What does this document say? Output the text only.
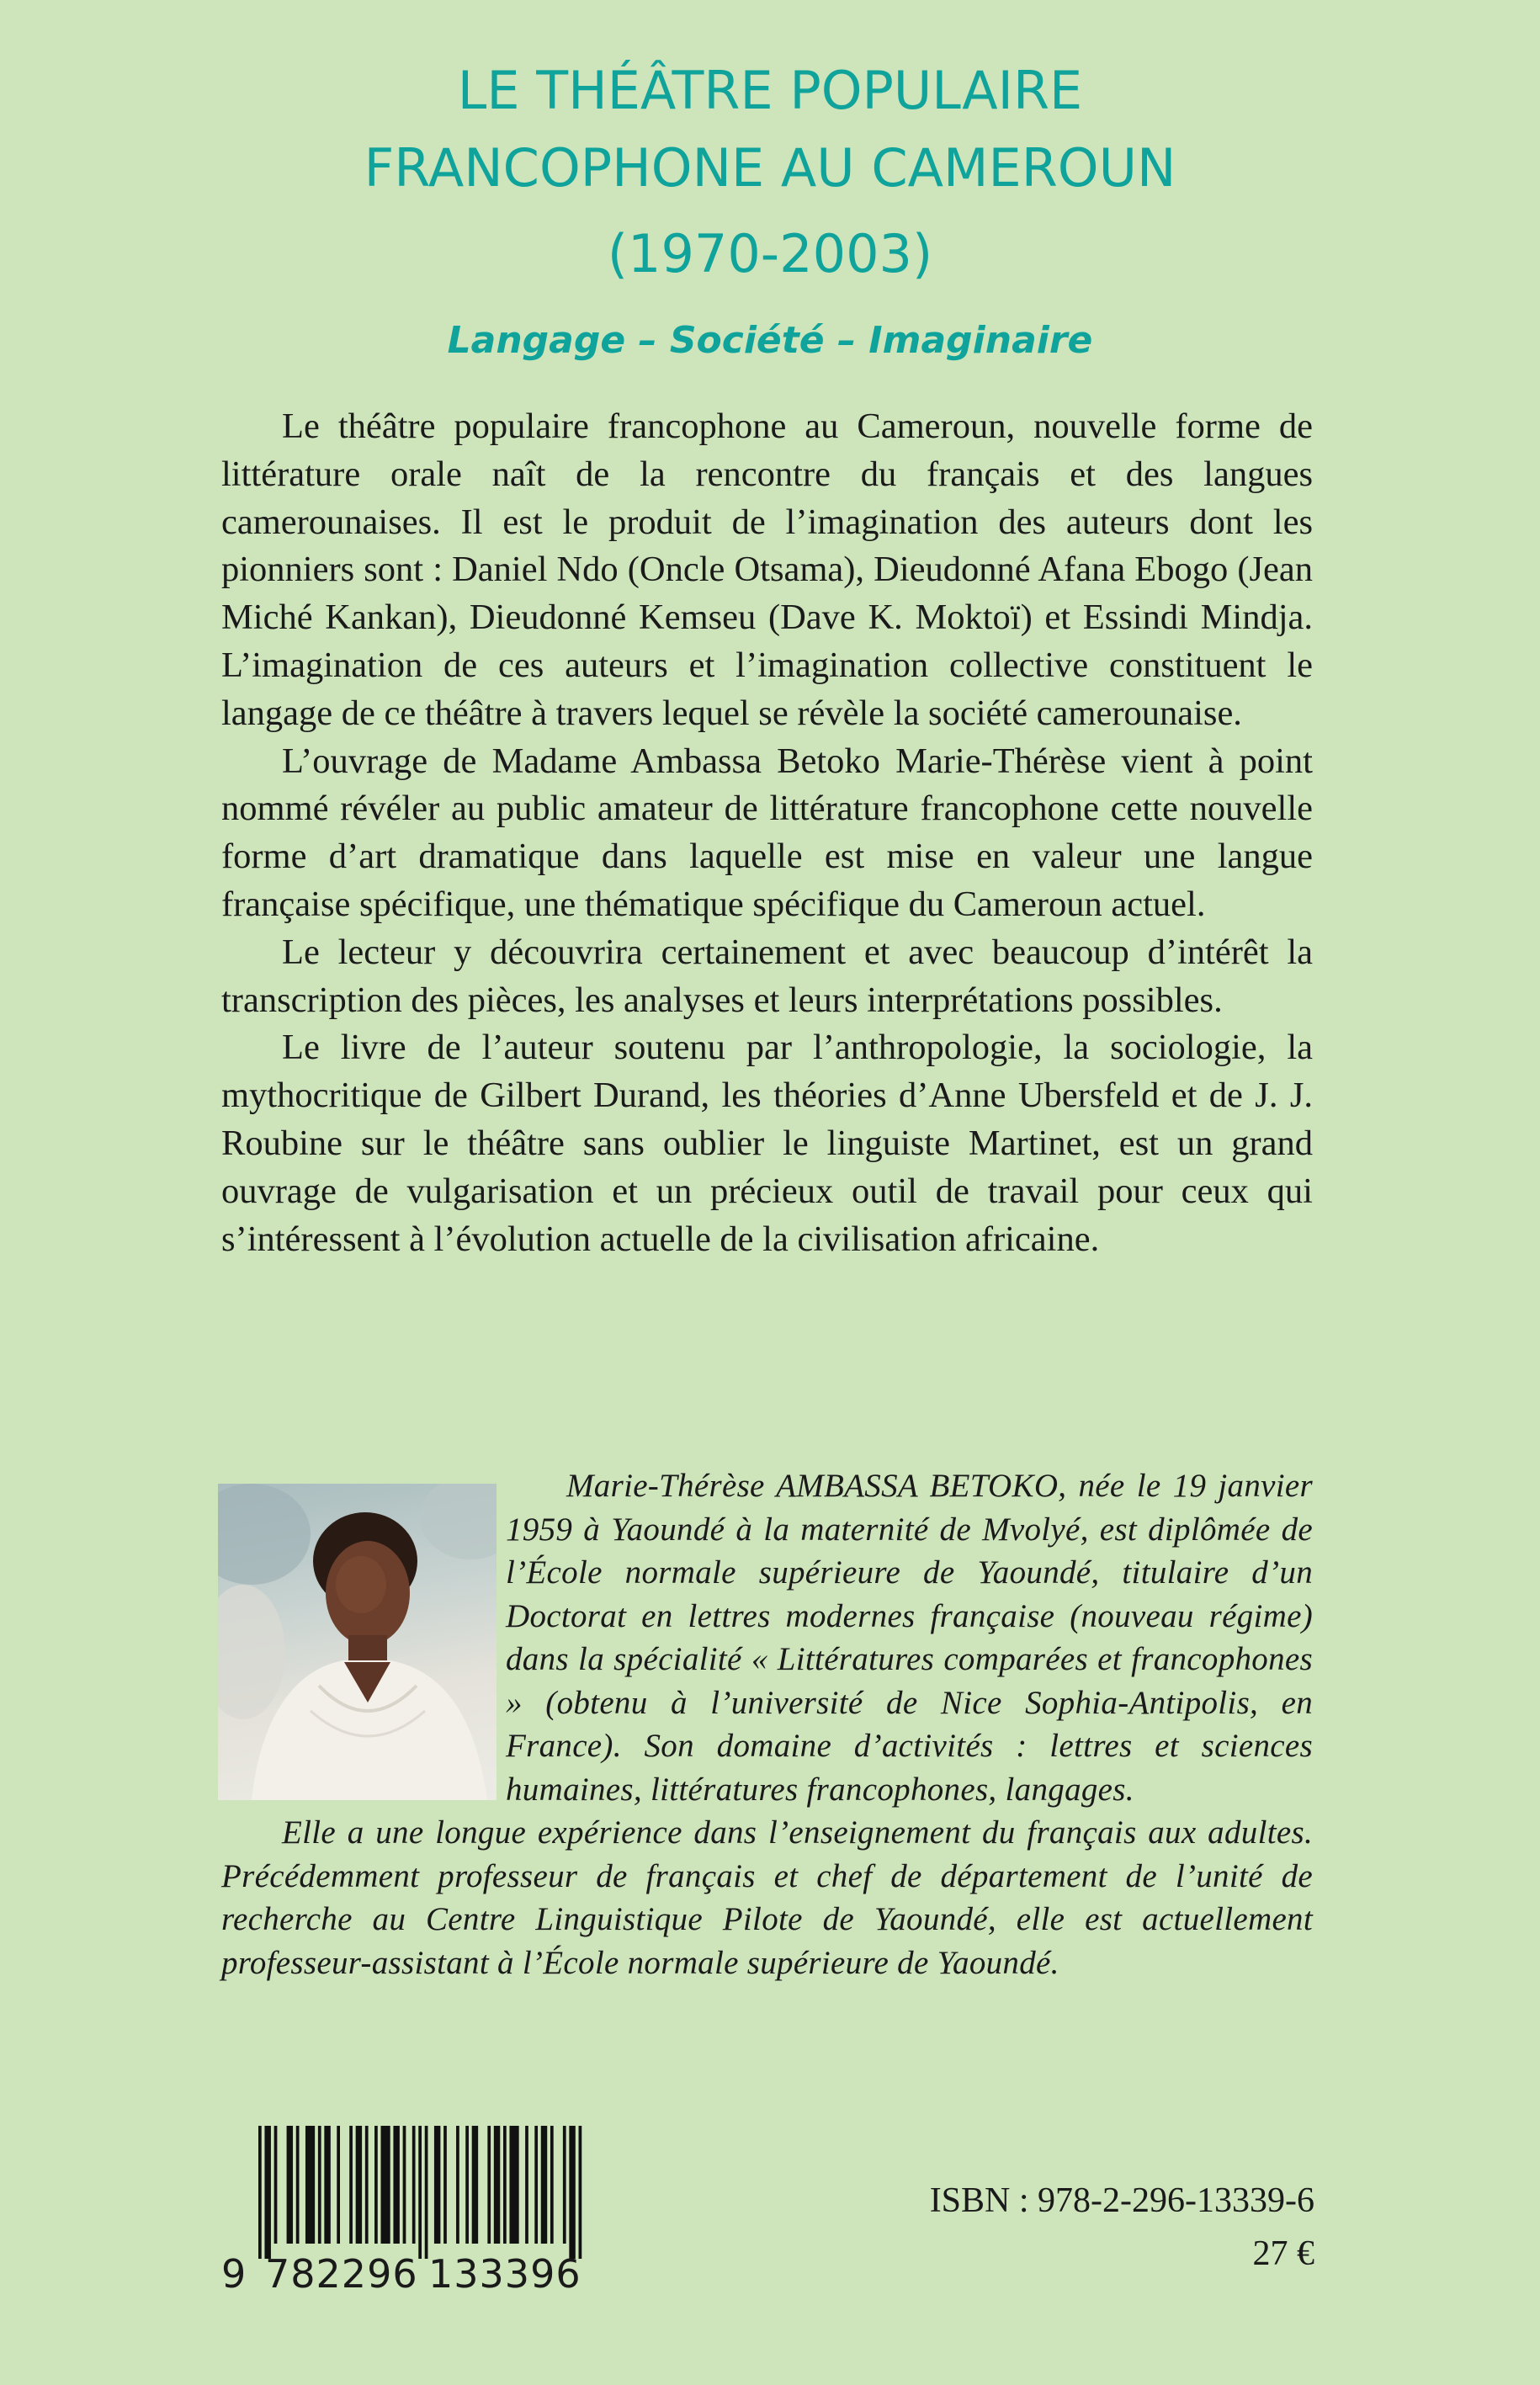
LE THÉÂTRE POPULAIRE
FRANCOPHONE AU CAMEROUN
(1970-2003)
Langage – Société – Imaginaire

Le théâtre populaire francophone au Cameroun, nouvelle forme de littérature orale naît de la rencontre du français et des langues camerounaises. Il est le produit de l’imagination des auteurs dont les pionniers sont : Daniel Ndo (Oncle Otsama), Dieudonné Afana Ebogo (Jean Miché Kankan), Dieudonné Kemseu (Dave K. Moktoï) et Essindi Mindja. L’imagination de ces auteurs et l’imagination collective constituent le langage de ce théâtre à travers lequel se révèle la société camerounaise.

L’ouvrage de Madame Ambassa Betoko Marie-Thérèse vient à point nommé révéler au public amateur de littérature francophone cette nouvelle forme d’art dramatique dans laquelle est mise en valeur une langue française spécifique, une thématique spécifique du Cameroun actuel.

Le lecteur y découvrira certainement et avec beaucoup d’intérêt la transcription des pièces, les analyses et leurs interprétations possibles.

Le livre de l’auteur soutenu par l’anthropologie, la sociologie, la mythocritique de Gilbert Durand, les théories d’Anne Ubersfeld et de J. J. Roubine sur le théâtre sans oublier le linguiste Martinet, est un grand ouvrage de vulgarisation et un précieux outil de travail pour ceux qui s’intéressent à l’évolution actuelle de la civilisation africaine.

Marie-Thérèse AMBASSA BETOKO, née le 19 janvier 1959 à Yaoundé à la maternité de Mvolyé, est diplômée de l’École normale supérieure de Yaoundé, titulaire d’un Doctorat en lettres modernes française (nouveau régime) dans la spécialité « Littératures comparées et francophones » (obtenu à l’université de Nice Sophia-Antipolis, en France). Son domaine d’activités : lettres et sciences humaines, littératures francophones, langages.

Elle a une longue expérience dans l’enseignement du français aux adultes. Précédemment professeur de français et chef de département de l’unité de recherche au Centre Linguistique Pilote de Yaoundé, elle est actuellement professeur-assistant à l’École normale supérieure de Yaoundé.

9 782296 133396
ISBN : 978-2-296-13339-6
27 €
